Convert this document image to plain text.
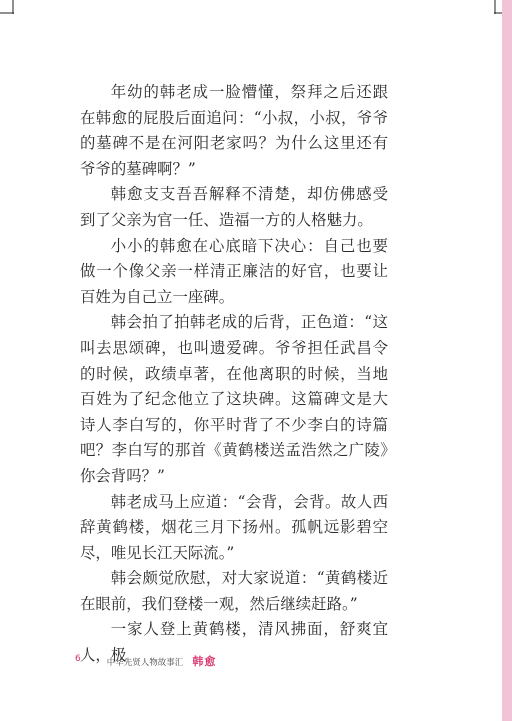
年幼的韩老成一脸懵懂，祭拜之后还跟在韩愈的屁股后面追问：“小叔，小叔，爷爷的墓碑不是在河阳老家吗？为什么这里还有爷爷的墓碑啊？”

韩愈支支吾吾解释不清楚，却仿佛感受到了父亲为官一任、造福一方的人格魅力。

小小的韩愈在心底暗下决心：自己也要做一个像父亲一样清正廉洁的好官，也要让百姓为自己立一座碑。

韩会拍了拍韩老成的后背，正色道：“这叫去思颂碑，也叫遗爱碑。爷爷担任武昌令的时候，政绩卓著，在他离职的时候，当地百姓为了纪念他立了这块碑。这篇碑文是大诗人李白写的，你平时背了不少李白的诗篇吧？李白写的那首《黄鹤楼送孟浩然之广陵》你会背吗？”

韩老成马上应道：“会背，会背。故人西辞黄鹤楼，烟花三月下扬州。孤帆远影碧空尽，唯见长江天际流。”

韩会颇觉欣慰，对大家说道：“黄鹤楼近在眼前，我们登楼一观，然后继续赶路。”

一家人登上黄鹤楼，清风拂面，舒爽宜人，极

6	中华先贤人物故事汇 韩愈
